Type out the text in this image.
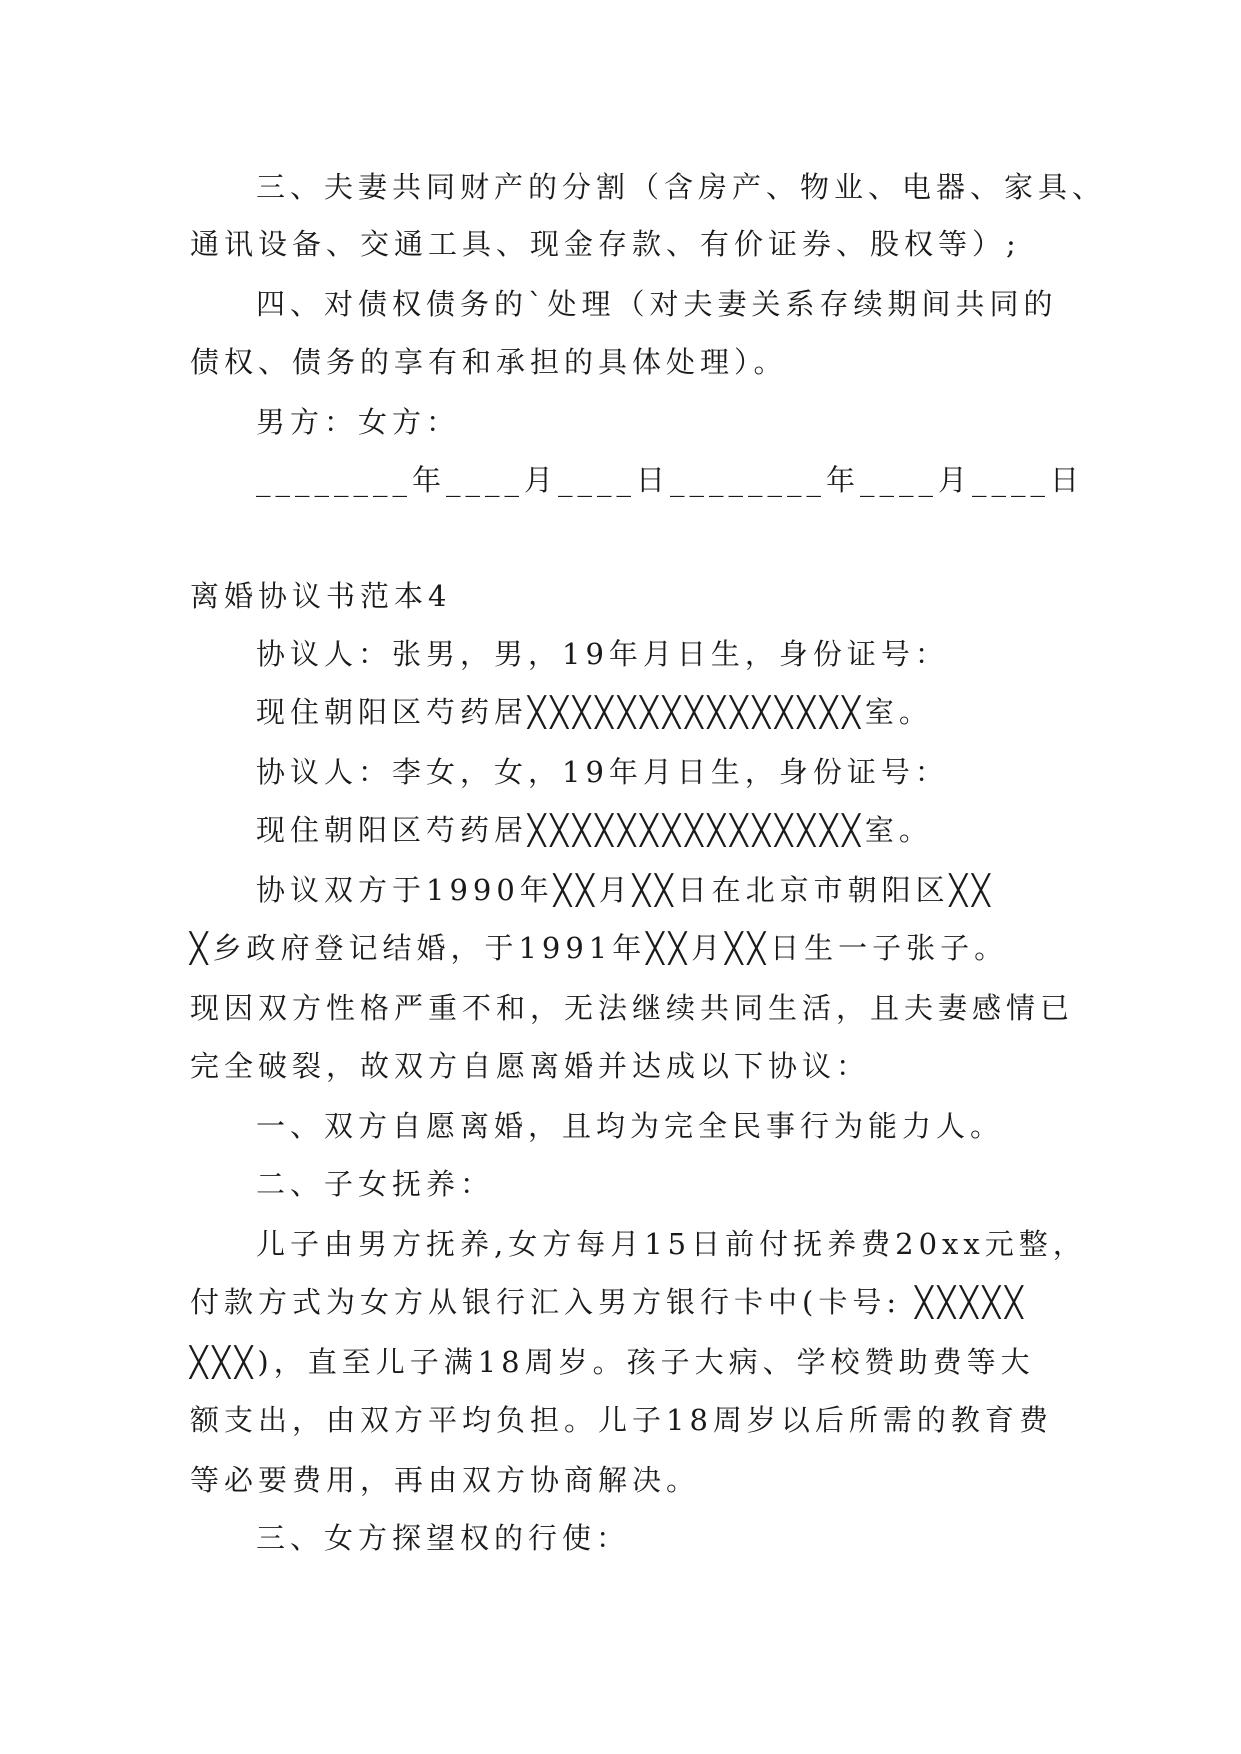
三、夫妻共同财产的分割（含房产、物业、电器、家具、
通讯设备、交通工具、现金存款、有价证券、股权等）;
四、对债权债务的`处理（对夫妻关系存续期间共同的
债权、债务的享有和承担的具体处理）。
男方：女方：
________年____月____日________年____月____日
离婚协议书范本4
协议人：张男，男，19年月日生，身份证号：
现住朝阳区芍药居╳╳╳╳╳╳╳╳╳╳╳╳╳╳╳室。
协议人：李女，女，19年月日生，身份证号：
现住朝阳区芍药居╳╳╳╳╳╳╳╳╳╳╳╳╳╳╳室。
协议双方于1990年╳╳月╳╳日在北京市朝阳区╳╳
╳乡政府登记结婚，于1991年╳╳月╳╳日生一子张子。
现因双方性格严重不和，无法继续共同生活，且夫妻感情已
完全破裂，故双方自愿离婚并达成以下协议：
一、双方自愿离婚，且均为完全民事行为能力人。
二、子女抚养：
儿子由男方抚养,女方每月15日前付抚养费20xx元整，
付款方式为女方从银行汇入男方银行卡中(卡号: ╳╳╳╳╳
╳╳╳)，直至儿子满18周岁。孩子大病、学校赞助费等大
额支出，由双方平均负担。儿子18周岁以后所需的教育费
等必要费用，再由双方协商解决。
三、女方探望权的行使：
